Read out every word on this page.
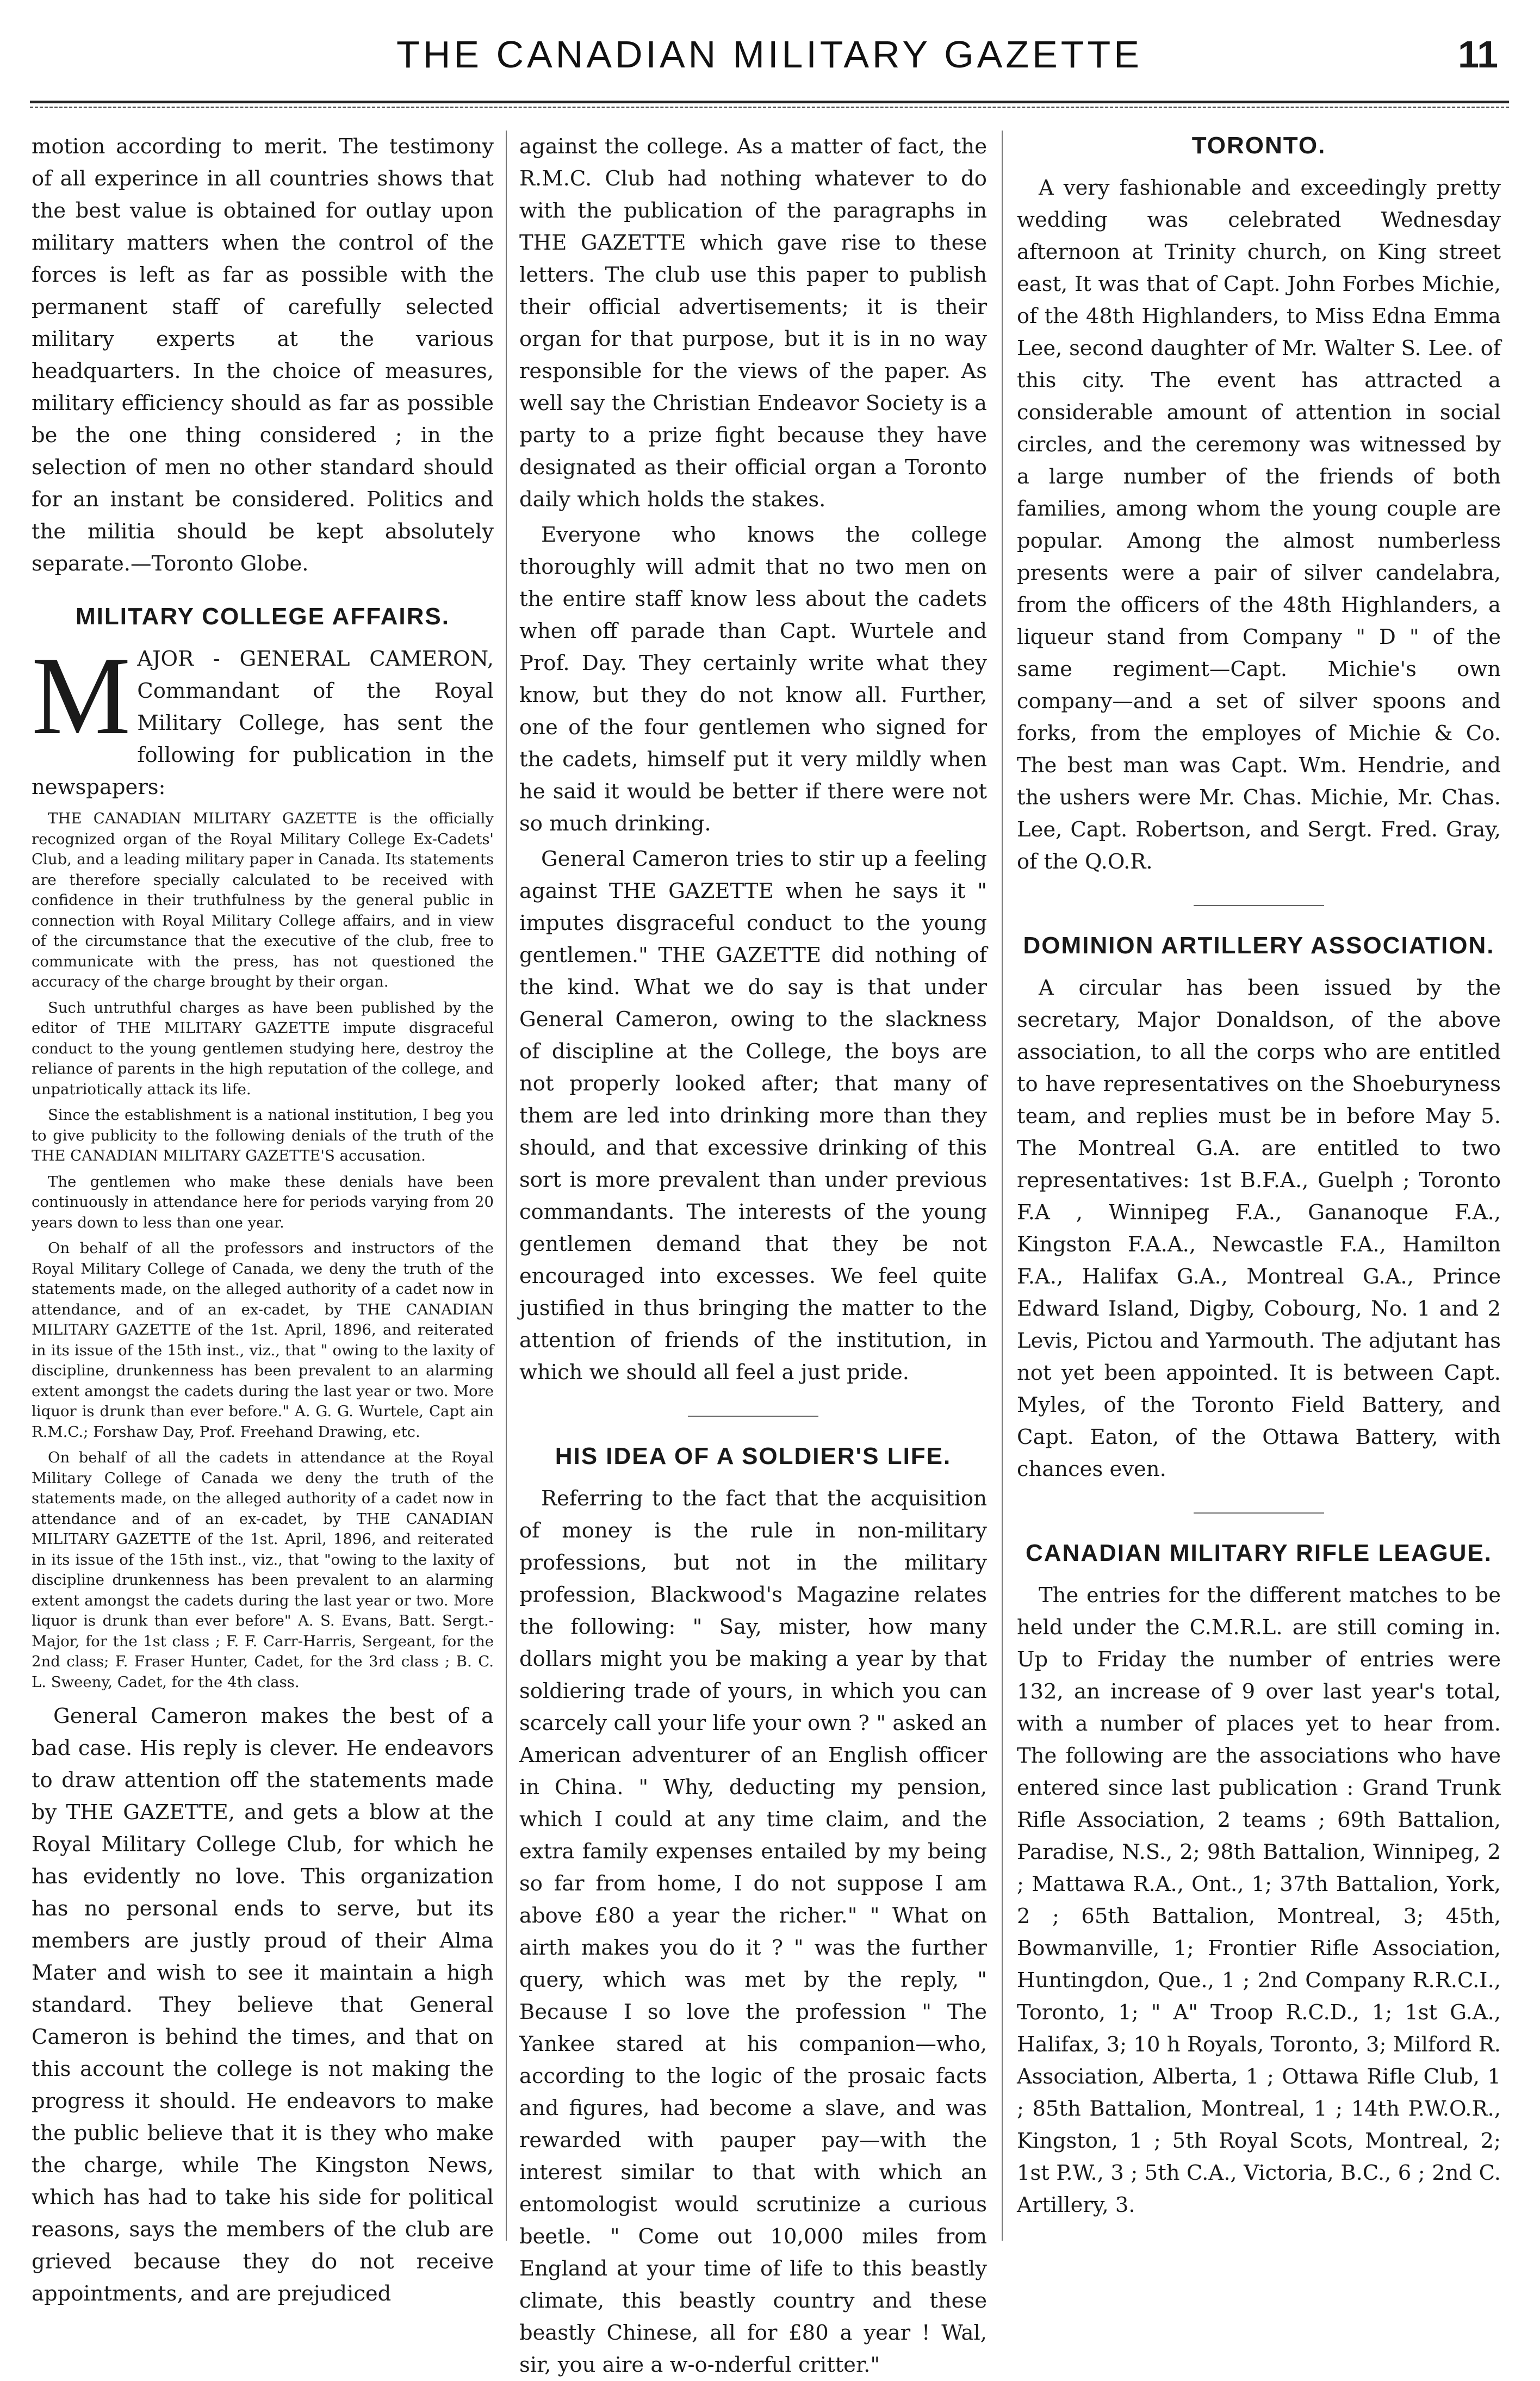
THE CANADIAN MILITARY GAZETTE	11

motion according to merit. The testimony of all experince in all countries shows that the best value is obtained for outlay upon military matters when the control of the forces is left as far as possible with the permanent staff of carefully selected military experts at the various headquarters. In the choice of measures, military efficiency should as far as possible be the one thing considered ; in the selection of men no other standard should for an instant be considered. Politics and the militia should be kept absolutely separate.—Toronto Globe.

MILITARY COLLEGE AFFAIRS.

MAJOR - GENERAL CAMERON, Commandant of the Royal Military College, has sent the following for publication in the newspapers:

THE CANADIAN MILITARY GAZETTE is the officially recognized organ of the Royal Military College Ex-Cadets' Club, and a leading military paper in Canada. Its statements are therefore specially calculated to be received with confidence in their truthfulness by the general public in connection with Royal Military College affairs, and in view of the circumstance that the executive of the club, free to communicate with the press, has not questioned the accuracy of the charge brought by their organ.

Such untruthful charges as have been published by the editor of THE MILITARY GAZETTE impute disgraceful conduct to the young gentlemen studying here, destroy the reliance of parents in the high reputation of the college, and unpatriotically attack its life.

Since the establishment is a national institution, I beg you to give publicity to the following denials of the truth of the THE CANADIAN MILITARY GAZETTE'S accusation.

The gentlemen who make these denials have been continuously in attendance here for periods varying from 20 years down to less than one year.

On behalf of all the professors and instructors of the Royal Military College of Canada, we deny the truth of the statements made, on the alleged authority of a cadet now in attendance, and of an ex-cadet, by THE CANADIAN MILITARY GAZETTE of the 1st. April, 1896, and reiterated in its issue of the 15th inst., viz., that " owing to the laxity of discipline, drunkenness has been prevalent to an alarming extent amongst the cadets during the last year or two. More liquor is drunk than ever before." A. G. G. Wurtele, Capt ain R.M.C.; Forshaw Day, Prof. Freehand Drawing, etc.

On behalf of all the cadets in attendance at the Royal Military College of Canada we deny the truth of the statements made, on the alleged authority of a cadet now in attendance and of an ex-cadet, by THE CANADIAN MILITARY GAZETTE of the 1st. April, 1896, and reiterated in its issue of the 15th inst., viz., that "owing to the laxity of discipline drunkenness has been prevalent to an alarming extent amongst the cadets during the last year or two. More liquor is drunk than ever before" A. S. Evans, Batt. Sergt.-Major, for the 1st class ; F. F. Carr-Harris, Sergeant, for the 2nd class; F. Fraser Hunter, Cadet, for the 3rd class ; B. C. L. Sweeny, Cadet, for the 4th class.

General Cameron makes the best of a bad case. His reply is clever. He endeavors to draw attention off the statements made by THE GAZETTE, and gets a blow at the Royal Military College Club, for which he has evidently no love. This organization has no personal ends to serve, but its members are justly proud of their Alma Mater and wish to see it maintain a high standard. They believe that General Cameron is behind the times, and that on this account the college is not making the progress it should. He endeavors to make the public believe that it is they who make the charge, while The Kingston News, which has had to take his side for political reasons, says the members of the club are grieved because they do not receive appointments, and are prejudiced

against the college. As a matter of fact, the R.M.C. Club had nothing whatever to do with the publication of the paragraphs in THE GAZETTE which gave rise to these letters. The club use this paper to publish their official advertisements; it is their organ for that purpose, but it is in no way responsible for the views of the paper. As well say the Christian Endeavor Society is a party to a prize fight because they have designated as their official organ a Toronto daily which holds the stakes.

Everyone who knows the college thoroughly will admit that no two men on the entire staff know less about the cadets when off parade than Capt. Wurtele and Prof. Day. They certainly write what they know, but they do not know all. Further, one of the four gentlemen who signed for the cadets, himself put it very mildly when he said it would be better if there were not so much drinking.

General Cameron tries to stir up a feeling against THE GAZETTE when he says it " imputes disgraceful conduct to the young gentlemen." THE GAZETTE did nothing of the kind. What we do say is that under General Cameron, owing to the slackness of discipline at the College, the boys are not properly looked after; that many of them are led into drinking more than they should, and that excessive drinking of this sort is more prevalent than under previous commandants. The interests of the young gentlemen demand that they be not encouraged into excesses. We feel quite justified in thus bringing the matter to the attention of friends of the institution, in which we should all feel a just pride.

HIS IDEA OF A SOLDIER'S LIFE.

Referring to the fact that the acquisition of money is the rule in non-military professions, but not in the military profession, Blackwood's Magazine relates the following: " Say, mister, how many dollars might you be making a year by that soldiering trade of yours, in which you can scarcely call your life your own ? " asked an American adventurer of an English officer in China. " Why, deducting my pension, which I could at any time claim, and the extra family expenses entailed by my being so far from home, I do not suppose I am above £80 a year the richer." " What on airth makes you do it ? " was the further query, which was met by the reply, " Because I so love the profession " The Yankee stared at his companion—who, according to the logic of the prosaic facts and figures, had become a slave, and was rewarded with pauper pay—with the interest similar to that with which an entomologist would scrutinize a curious beetle. " Come out 10,000 miles from England at your time of life to this beastly climate, this beastly country and these beastly Chinese, all for £80 a year ! Wal, sir, you aire a w-o-nderful critter."

TORONTO.

A very fashionable and exceedingly pretty wedding was celebrated Wednesday afternoon at Trinity church, on King street east, It was that of Capt. John Forbes Michie, of the 48th Highlanders, to Miss Edna Emma Lee, second daughter of Mr. Walter S. Lee. of this city. The event has attracted a considerable amount of attention in social circles, and the ceremony was witnessed by a large number of the friends of both families, among whom the young couple are popular. Among the almost numberless presents were a pair of silver candelabra, from the officers of the 48th Highlanders, a liqueur stand from Company " D " of the same regiment—Capt. Michie's own company—and a set of silver spoons and forks, from the employes of Michie & Co. The best man was Capt. Wm. Hendrie, and the ushers were Mr. Chas. Michie, Mr. Chas. Lee, Capt. Robertson, and Sergt. Fred. Gray, of the Q.O.R.

DOMINION ARTILLERY ASSOCIATION.

A circular has been issued by the secretary, Major Donaldson, of the above association, to all the corps who are entitled to have representatives on the Shoeburyness team, and replies must be in before May 5. The Montreal G.A. are entitled to two representatives: 1st B.F.A., Guelph ; Toronto F.A , Winnipeg F.A., Gananoque F.A., Kingston F.A.A., Newcastle F.A., Hamilton F.A., Halifax G.A., Montreal G.A., Prince Edward Island, Digby, Cobourg, No. 1 and 2 Levis, Pictou and Yarmouth. The adjutant has not yet been appointed. It is between Capt. Myles, of the Toronto Field Battery, and Capt. Eaton, of the Ottawa Battery, with chances even.

CANADIAN MILITARY RIFLE LEAGUE.

The entries for the different matches to be held under the C.M.R.L. are still coming in. Up to Friday the number of entries were 132, an increase of 9 over last year's total, with a number of places yet to hear from. The following are the associations who have entered since last publication : Grand Trunk Rifle Association, 2 teams ; 69th Battalion, Paradise, N.S., 2; 98th Battalion, Winnipeg, 2 ; Mattawa R.A., Ont., 1; 37th Battalion, York, 2 ; 65th Battalion, Montreal, 3; 45th, Bowmanville, 1; Frontier Rifle Association, Huntingdon, Que., 1 ; 2nd Company R.R.C.I., Toronto, 1; " A" Troop R.C.D., 1; 1st G.A., Halifax, 3; 10 h Royals, Toronto, 3; Milford R. Association, Alberta, 1 ; Ottawa Rifle Club, 1 ; 85th Battalion, Montreal, 1 ; 14th P.W.O.R., Kingston, 1 ; 5th Royal Scots, Montreal, 2; 1st P.W., 3 ; 5th C.A., Victoria, B.C., 6 ; 2nd C. Artillery, 3.
